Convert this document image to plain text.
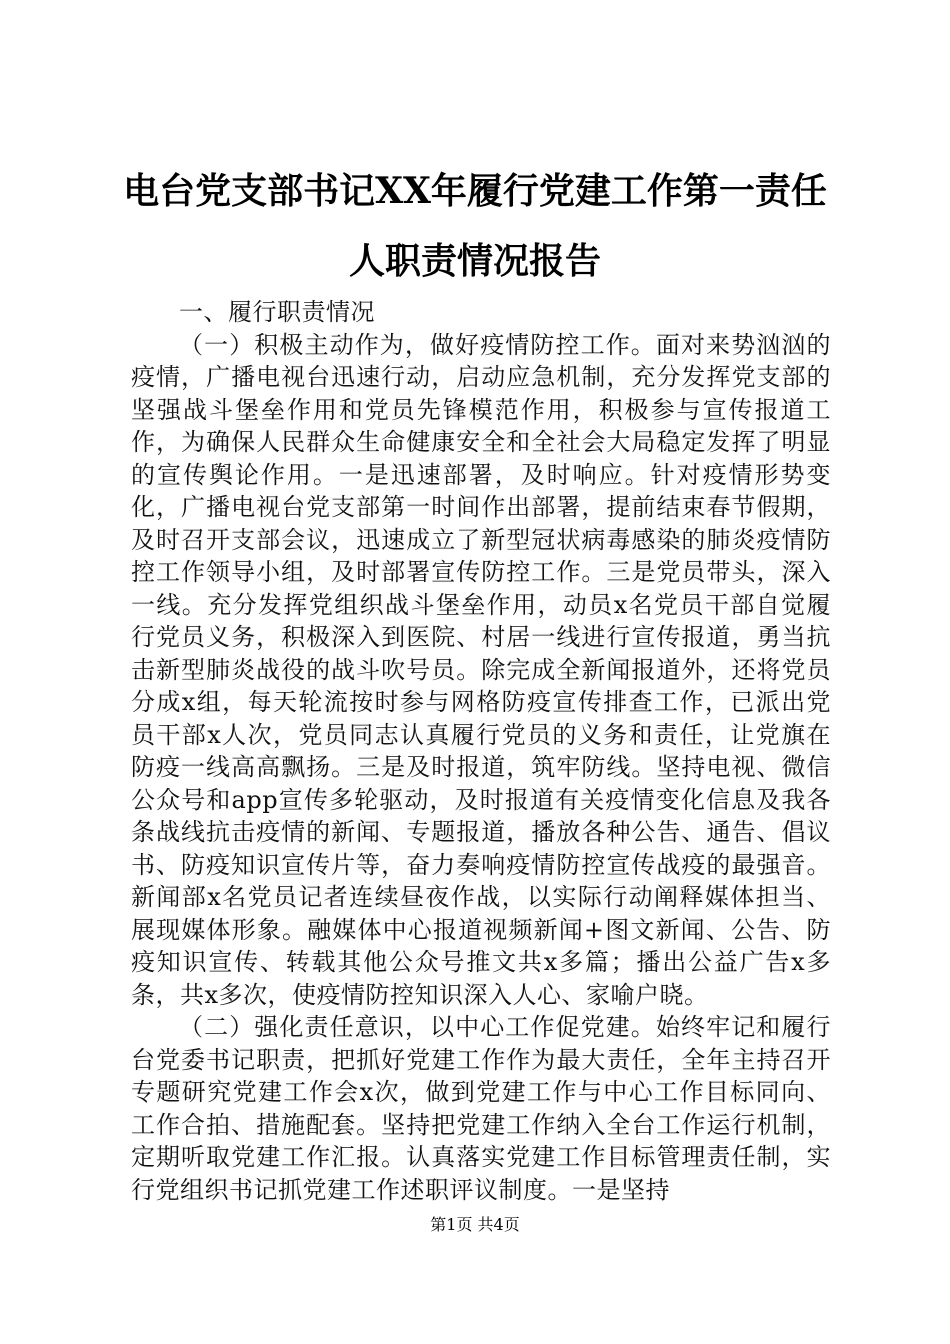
电台党支部书记XX年履行党建工作第一责任人职责情况报告

一、履行职责情况

（一）积极主动作为，做好疫情防控工作。面对来势汹汹的疫情，广播电视台迅速行动，启动应急机制，充分发挥党支部的坚强战斗堡垒作用和党员先锋模范作用，积极参与宣传报道工作，为确保人民群众生命健康安全和全社会大局稳定发挥了明显的宣传舆论作用。一是迅速部署，及时响应。针对疫情形势变化，广播电视台党支部第一时间作出部署，提前结束春节假期，及时召开支部会议，迅速成立了新型冠状病毒感染的肺炎疫情防控工作领导小组，及时部署宣传防控工作。三是党员带头，深入一线。充分发挥党组织战斗堡垒作用，动员x名党员干部自觉履行党员义务，积极深入到医院、村居一线进行宣传报道，勇当抗击新型肺炎战役的战斗吹号员。除完成全新闻报道外，还将党员分成x组，每天轮流按时参与网格防疫宣传排查工作，已派出党员干部x人次，党员同志认真履行党员的义务和责任，让党旗在防疫一线高高飘扬。三是及时报道，筑牢防线。坚持电视、微信公众号和app宣传多轮驱动，及时报道有关疫情变化信息及我各条战线抗击疫情的新闻、专题报道，播放各种公告、通告、倡议书、防疫知识宣传片等，奋力奏响疫情防控宣传战疫的最强音。新闻部x名党员记者连续昼夜作战，以实际行动阐释媒体担当、展现媒体形象。融媒体中心报道视频新闻+图文新闻、公告、防疫知识宣传、转载其他公众号推文共x多篇；播出公益广告x多条，共x多次，使疫情防控知识深入人心、家喻户晓。

（二）强化责任意识，以中心工作促党建。始终牢记和履行台党委书记职责，把抓好党建工作作为最大责任，全年主持召开专题研究党建工作会x次，做到党建工作与中心工作目标同向、工作合拍、措施配套。坚持把党建工作纳入全台工作运行机制，定期听取党建工作汇报。认真落实党建工作目标管理责任制，实行党组织书记抓党建工作述职评议制度。一是坚持

第1页 共4页
